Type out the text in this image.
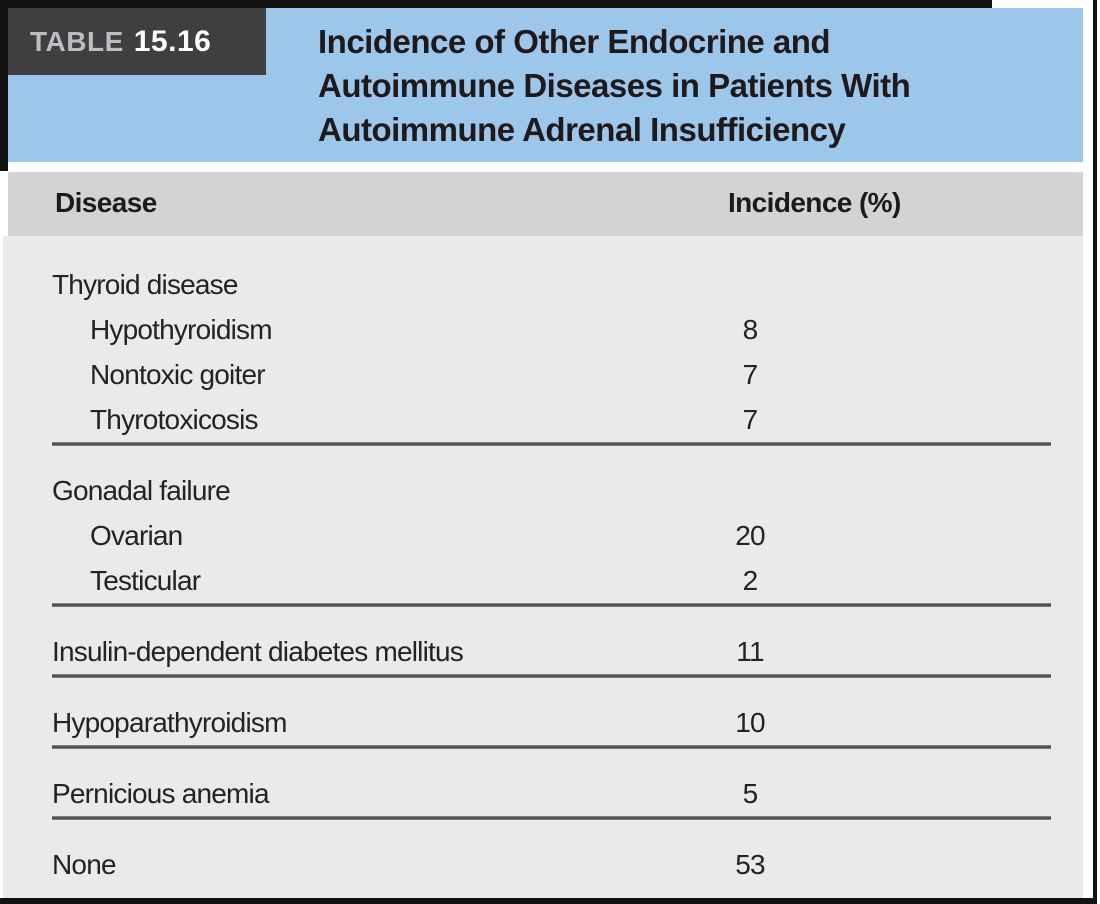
Incidence of Other Endocrine and
Autoimmune Diseases in Patients With
Autoimmune Adrenal Insufficiency
TABLE 15.16
Disease	Incidence (%)
Thyroid disease
Hypothyroidism	8
Nontoxic goiter	7
Thyrotoxicosis	7
Gonadal failure
Ovarian	20
Testicular	2
Insulin-dependent diabetes mellitus	11
Hypoparathyroidism	10
Pernicious anemia	5
None	53
